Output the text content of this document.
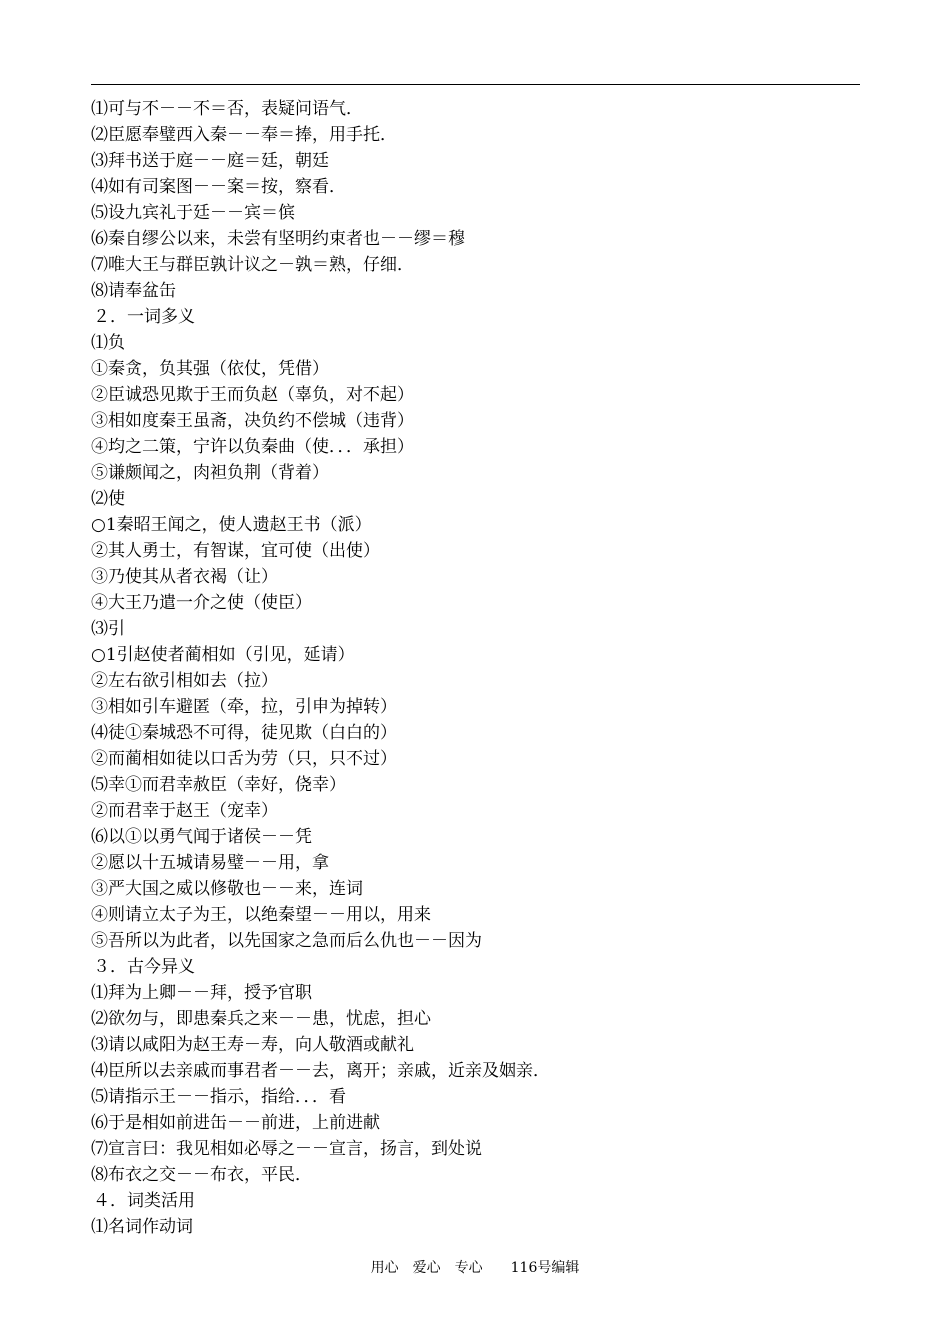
⑴可与不－－不＝否，表疑问语气．
⑵臣愿奉璧西入秦－－奉＝捧，用手托．
⑶拜书送于庭－－庭＝廷，朝廷
⑷如有司案图－－案＝按，察看．
⑸设九宾礼于廷－－宾＝傧
⑹秦自缪公以来，未尝有坚明约束者也－－缪＝穆
⑺唯大王与群臣孰计议之－孰＝熟，仔细．
⑻请奉盆缶
２．一词多义
⑴负
①秦贪，负其强（依仗，凭借）
②臣诚恐见欺于王而负赵（辜负，对不起）
③相如度秦王虽斋，决负约不偿城（违背）
④均之二策，宁许以负秦曲（使．．．承担）
⑤谦颇闻之，肉袒负荆（背着）
⑵使
○1秦昭王闻之，使人遗赵王书（派）
②其人勇士，有智谋，宜可使（出使）
③乃使其从者衣褐（让）
④大王乃遣一介之使（使臣）
⑶引
○1引赵使者蔺相如（引见，延请）
②左右欲引相如去（拉）
③相如引车避匿（牵，拉，引申为掉转）
⑷徒①秦城恐不可得，徒见欺（白白的）
②而蔺相如徒以口舌为劳（只，只不过）
⑸幸①而君幸赦臣（幸好，侥幸）
②而君幸于赵王（宠幸）
⑹以①以勇气闻于诸侯－－凭
②愿以十五城请易璧－－用，拿
③严大国之威以修敬也－－来，连词
④则请立太子为王，以绝秦望－－用以，用来
⑤吾所以为此者，以先国家之急而后么仇也－－因为
３．古今异义
⑴拜为上卿－－拜，授予官职
⑵欲勿与，即患秦兵之来－－患，忧虑，担心
⑶请以咸阳为赵王寿－寿，向人敬酒或献礼
⑷臣所以去亲戚而事君者－－去，离开；亲戚，近亲及姻亲．
⑸请指示王－－指示，指给．．．看
⑹于是相如前进缶－－前进，上前进献
⑺宣言曰：我见相如必辱之－－宣言，扬言，到处说
⑻布衣之交－－布衣，平民．
４．词类活用
⑴名词作动词
用心　爱心　专心　　116号编辑
